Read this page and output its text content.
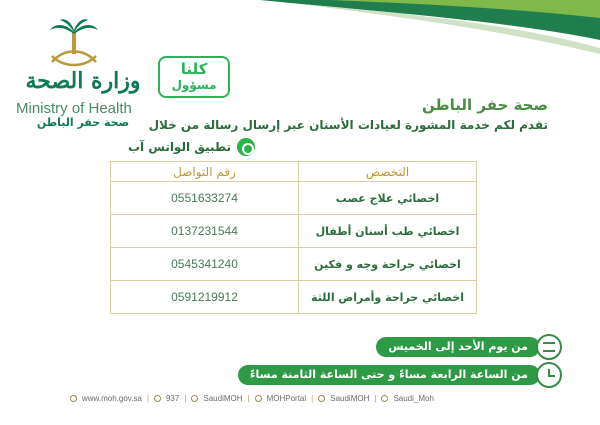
وزارة الصحة
Ministry of Health
صحة حفر الباطن
كلنا
مسؤول
صحة حفر الباطن
تقدم لكم خدمة المشورة لعيادات الأسنان عبر إرسال رسالة من خلال
تطبيق الواتس آب
رقم التواصل	التخصص
0551633274	اخصائي علاج عصب
0137231544	اخصائي طب أسنان أطفال
0545341240	اخصائي جراحة وجه و فكين
0591219912	اخصائي جراحة وأمراض اللثة
من يوم الأحد إلى الخميس
من الساعة الرابعة مساءً و حتى الساعة الثامنة مساءً
www.moh.gov.sa | 937 | SaudiMOH | MOHPortal | SaudiMOH | Saudi_Moh
